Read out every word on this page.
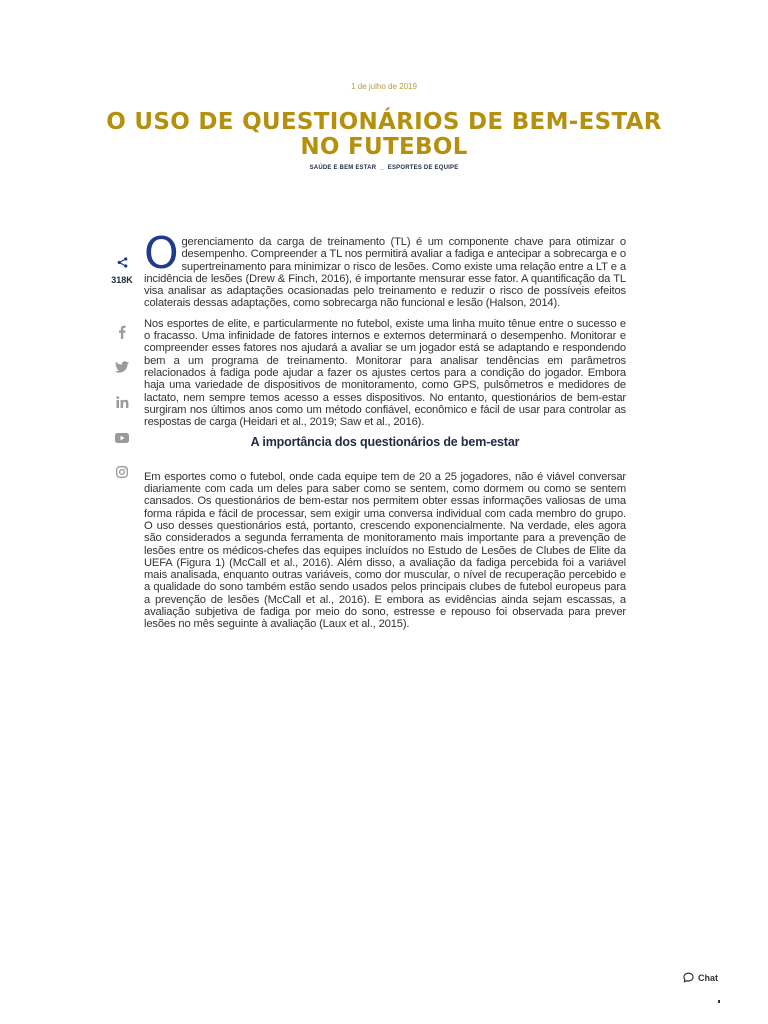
1 de julho de 2019
O USO DE QUESTIONÁRIOS DE BEM-ESTAR NO FUTEBOL
SAÚDE E BEM ESTAR _ ESPORTES DE EQUIPE
318K

O gerenciamento da carga de treinamento (TL) é um componente chave para otimizar o desempenho. Compreender a TL nos permitirá avaliar a fadiga e antecipar a sobrecarga e o supertreinamento para minimizar o risco de lesões. Como existe uma relação entre a LT e a incidência de lesões (Drew & Finch, 2016), é importante mensurar esse fator. A quantificação da TL visa analisar as adaptações ocasionadas pelo treinamento e reduzir o risco de possíveis efeitos colaterais dessas adaptações, como sobrecarga não funcional e lesão (Halson, 2014).

Nos esportes de elite, e particularmente no futebol, existe uma linha muito tênue entre o sucesso e o fracasso. Uma infinidade de fatores internos e externos determinará o desempenho. Monitorar e compreender esses fatores nos ajudará a avaliar se um jogador está se adaptando e respondendo bem a um programa de treinamento. Monitorar para analisar tendências em parâmetros relacionados à fadiga pode ajudar a fazer os ajustes certos para a condição do jogador. Embora haja uma variedade de dispositivos de monitoramento, como GPS, pulsômetros e medidores de lactato, nem sempre temos acesso a esses dispositivos. No entanto, questionários de bem-estar surgiram nos últimos anos como um método confiável, econômico e fácil de usar para controlar as respostas de carga (Heidari et al., 2019; Saw et al., 2016).

A importância dos questionários de bem-estar

Em esportes como o futebol, onde cada equipe tem de 20 a 25 jogadores, não é viável conversar diariamente com cada um deles para saber como se sentem, como dormem ou como se sentem cansados. Os questionários de bem-estar nos permitem obter essas informações valiosas de uma forma rápida e fácil de processar, sem exigir uma conversa individual com cada membro do grupo. O uso desses questionários está, portanto, crescendo exponencialmente. Na verdade, eles agora são considerados a segunda ferramenta de monitoramento mais importante para a prevenção de lesões entre os médicos-chefes das equipes incluídos no Estudo de Lesões de Clubes de Elite da UEFA (Figura 1) (McCall et al., 2016). Além disso, a avaliação da fadiga percebida foi a variável mais analisada, enquanto outras variáveis, como dor muscular, o nível de recuperação percebido e a qualidade do sono também estão sendo usados pelos principais clubes de futebol europeus para a prevenção de lesões (McCall et al., 2016). E embora as evidências ainda sejam escassas, a avaliação subjetiva de fadiga por meio do sono, estresse e repouso foi observada para prever lesões no mês seguinte à avaliação (Laux et al., 2015).

Chat
